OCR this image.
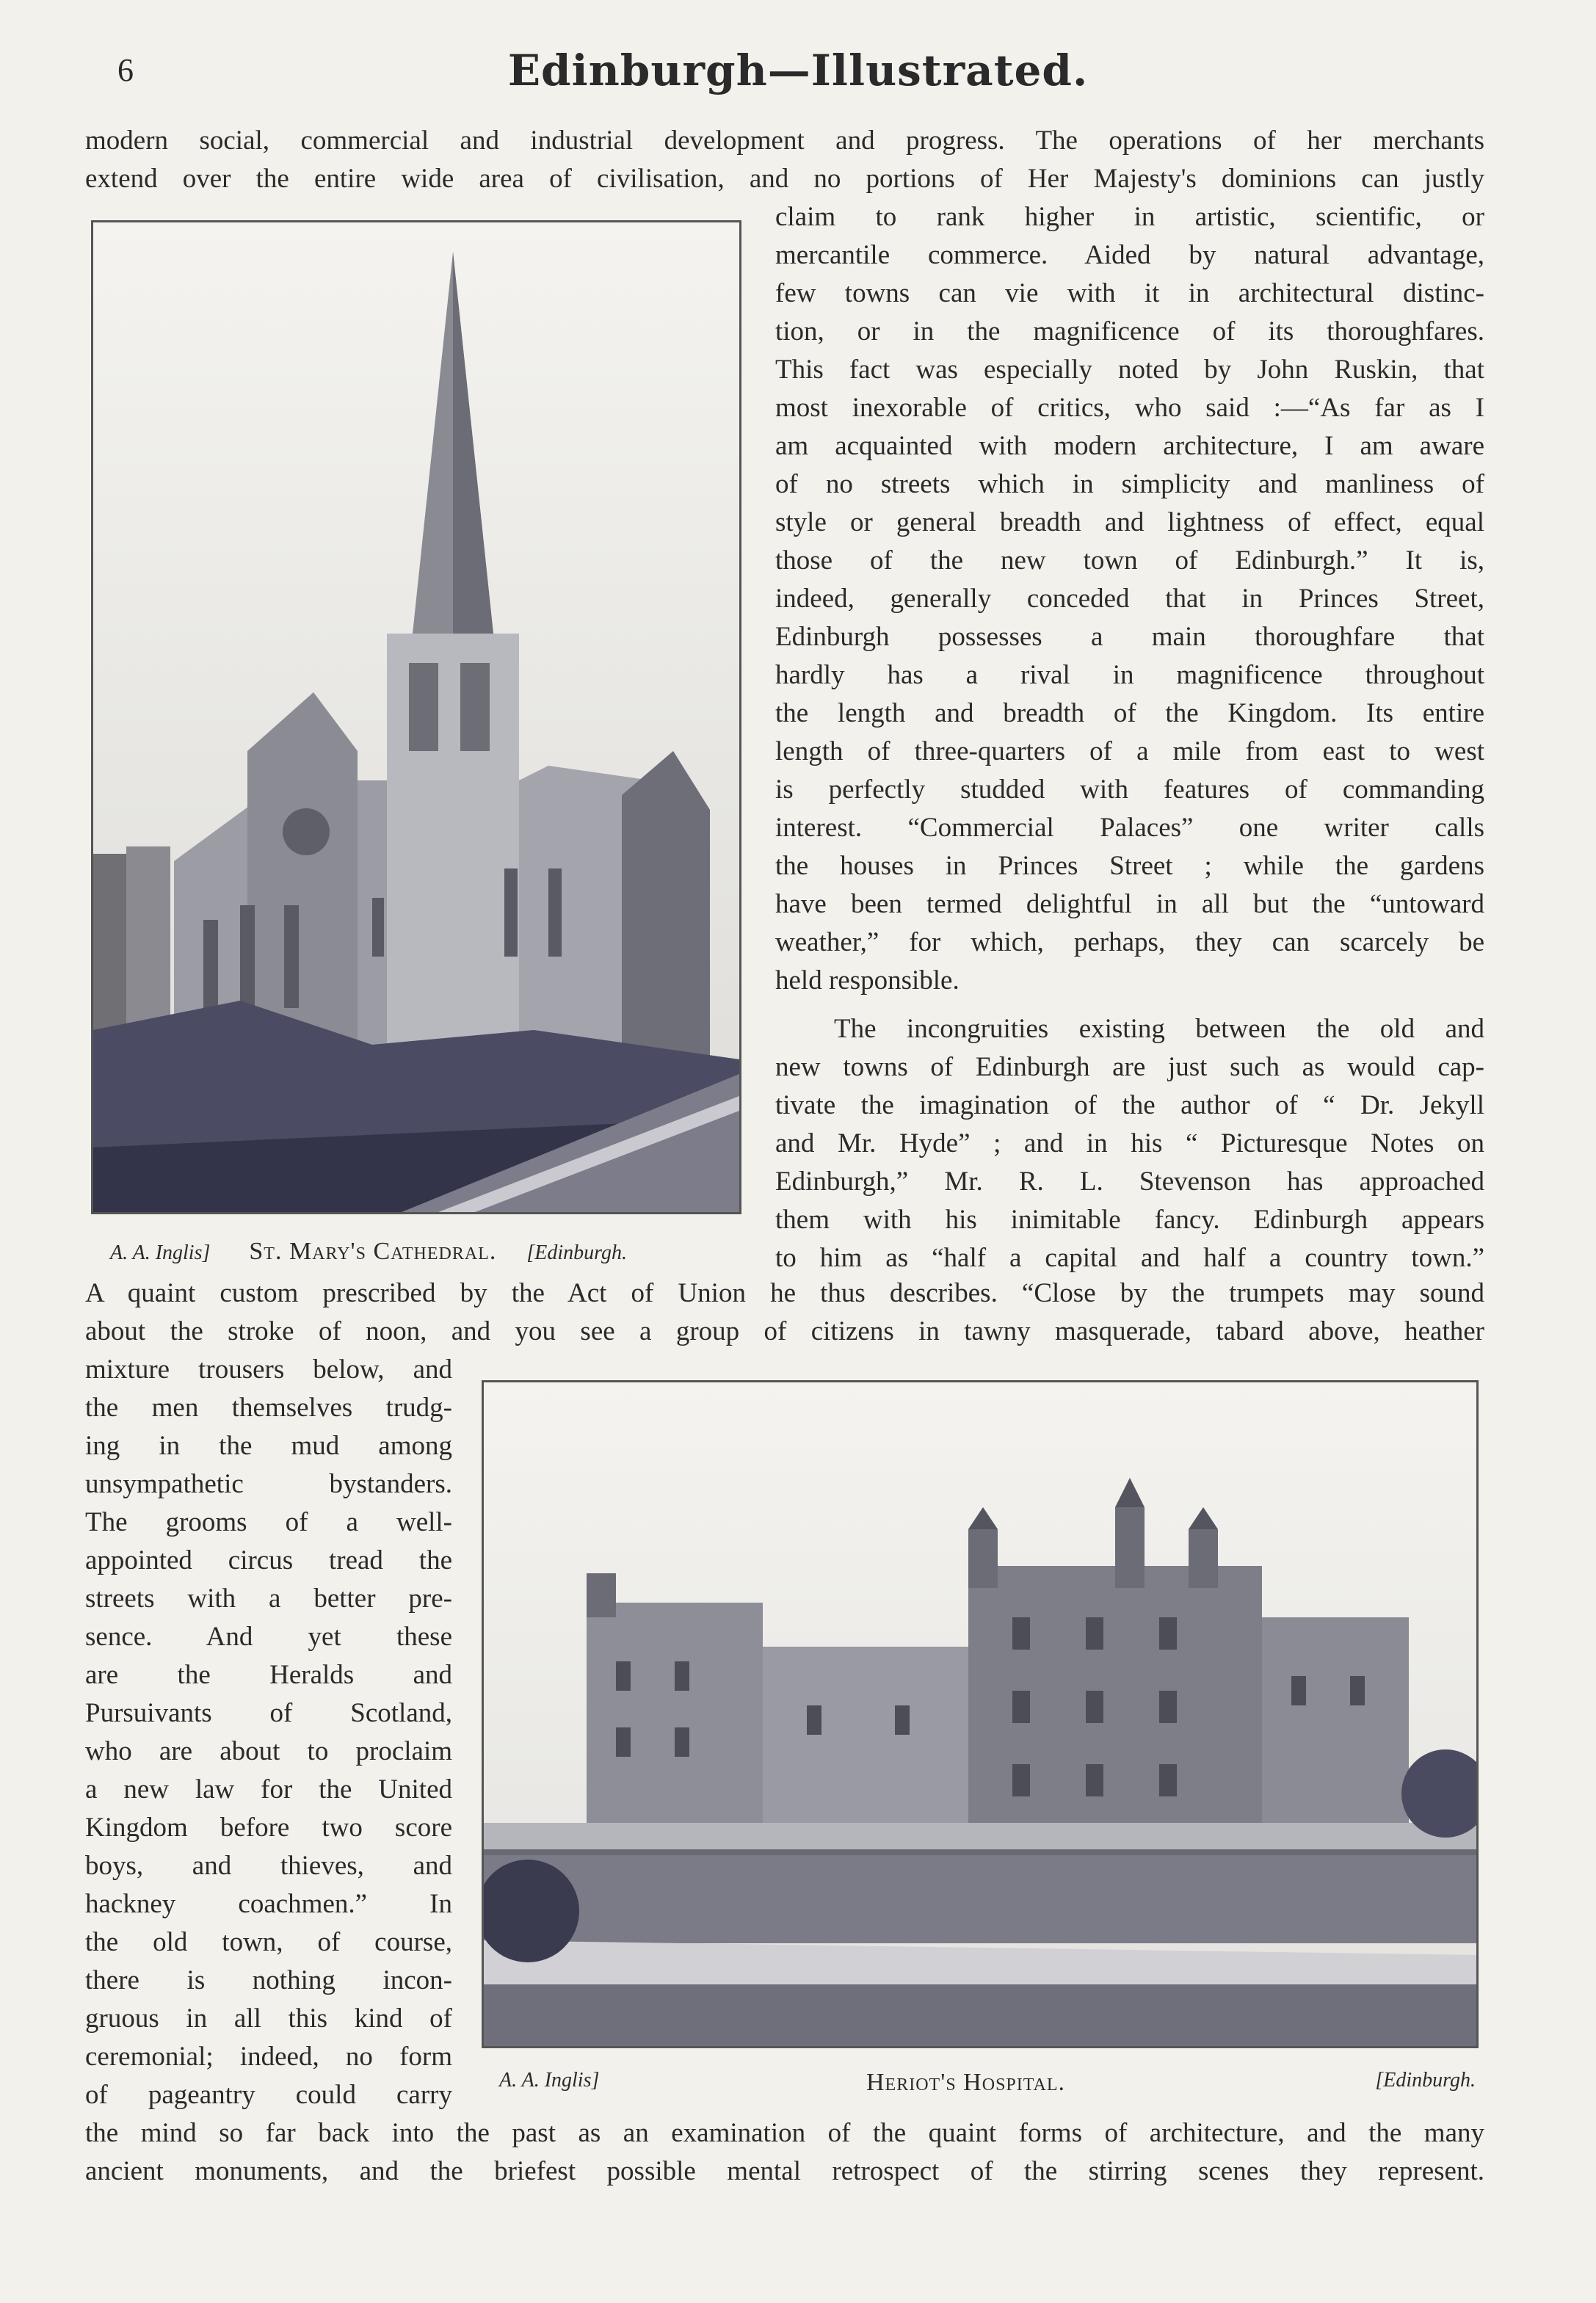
6	Edinburgh—Illustrated.
modern social, commercial and industrial development and progress. The operations of her merchants
extend over the entire wide area of civilisation, and no portions of Her Majesty's dominions can justly
claim to rank higher in artistic, scientific, or
mercantile commerce. Aided by natural advantage,
few towns can vie with it in architectural distinc-
tion, or in the magnificence of its thoroughfares.
This fact was especially noted by John Ruskin, that
most inexorable of critics, who said :—“As far as I
am acquainted with modern architecture, I am aware
of no streets which in simplicity and manliness of
style or general breadth and lightness of effect, equal
those of the new town of Edinburgh.” It is,
indeed, generally conceded that in Princes Street,
Edinburgh possesses a main thoroughfare that
hardly has a rival in magnificence throughout
the length and breadth of the Kingdom. Its entire
length of three-quarters of a mile from east to west
is perfectly studded with features of commanding
interest. “Commercial Palaces” one writer calls
the houses in Princes Street ; while the gardens
have been termed delightful in all but the “untoward
weather,” for which, perhaps, they can scarcely be
held responsible.
The incongruities existing between the old and
new towns of Edinburgh are just such as would cap-
tivate the imagination of the author of “ Dr. Jekyll
and Mr. Hyde” ; and in his “ Picturesque Notes on
Edinburgh,” Mr. R. L. Stevenson has approached
them with his inimitable fancy. Edinburgh appears
to him as “half a capital and half a country town.”
A quaint custom prescribed by the Act of Union he thus describes. “Close by the trumpets may sound
about the stroke of noon, and you see a group of citizens in tawny masquerade, tabard above, heather
mixture trousers below, and
the men themselves trudg-
ing in the mud among
unsympathetic bystanders.
The grooms of a well-
appointed circus tread the
streets with a better pre-
sence. And yet these
are the Heralds and
Pursuivants of Scotland,
who are about to proclaim
a new law for the United
Kingdom before two score
boys, and thieves, and
hackney coachmen.” In
the old town, of course,
there is nothing incon-
gruous in all this kind of
ceremonial; indeed, no form
of pageantry could carry
the mind so far back into the past as an examination of the quaint forms of architecture, and the many
ancient monuments, and the briefest possible mental retrospect of the stirring scenes they represent.
A. A. Inglis] St. Mary's Cathedral. [Edinburgh.
A. A. Inglis]	Heriot's Hospital.	[Edinburgh.
